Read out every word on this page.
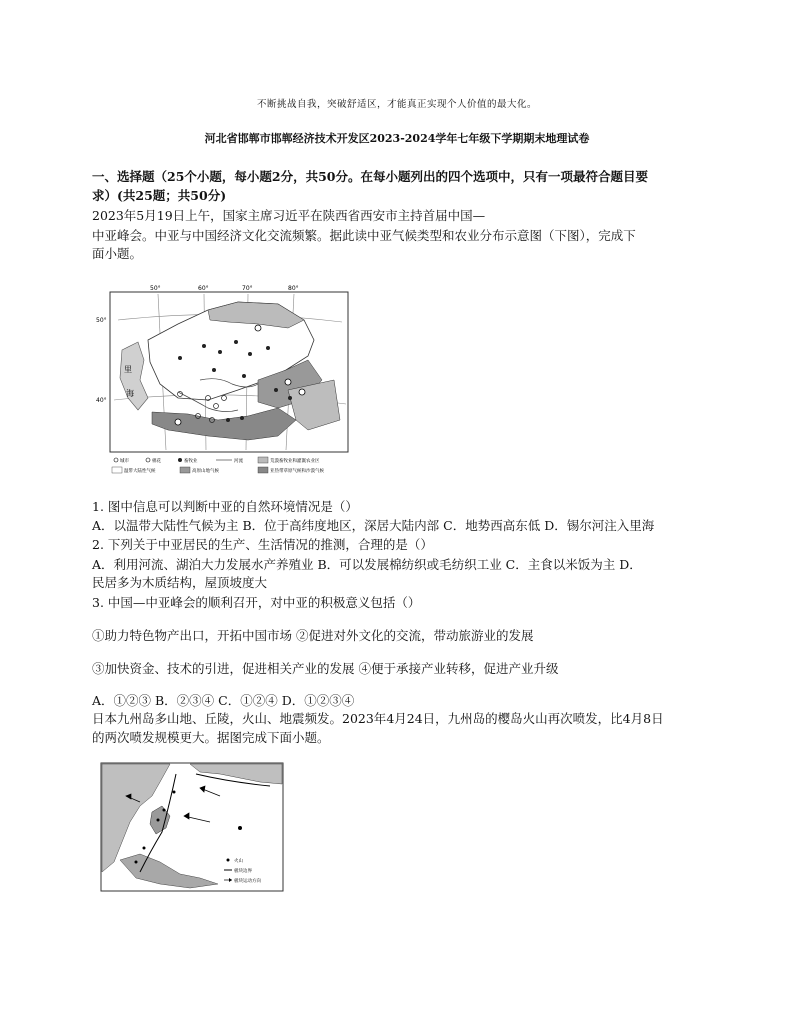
不断挑战自我，突破舒适区，才能真正实现个人价值的最大化。
河北省邯郸市邯郸经济技术开发区2023-2024学年七年级下学期期末地理试卷
一、选择题（25个小题，每小题2分，共50分。在每小题列出的四个选项中，只有一项最符合题目要
求）(共25题；共50分)
2023年5月19日上午，国家主席习近平在陕西省西安市主持首届中国—
中亚峰会。中亚与中国经济文化交流频繁。据此读中亚气候类型和农业分布示意图（下图），完成下
面小题。
50°	60°	70°	80°
50°
40°
里
海
城市	棉花	畜牧业	河流	荒漠畜牧业和灌溉农业区
温带大陆性气候	高原山地气候	亚热带草原气候和沙漠气候
1. 图中信息可以判断中亚的自然环境情况是（）
A．以温带大陆性气候为主 B．位于高纬度地区，深居大陆内部 C．地势西高东低 D．锡尔河注入里海
2. 下列关于中亚居民的生产、生活情况的推测，合理的是（）
A．利用河流、湖泊大力发展水产养殖业 B．可以发展棉纺织或毛纺织工业 C．主食以米饭为主 D．
民居多为木质结构，屋顶坡度大
3. 中国—中亚峰会的顺利召开，对中亚的积极意义包括（）
①助力特色物产出口，开拓中国市场 ②促进对外文化的交流，带动旅游业的发展
③加快资金、技术的引进，促进相关产业的发展 ④便于承接产业转移，促进产业升级
A．①②③ B．②③④ C．①②④ D．①②③④
日本九州岛多山地、丘陵，火山、地震频发。2023年4月24日，九州岛的樱岛火山再次喷发，比4月8日
的两次喷发规模更大。据图完成下面小题。
火山
板块边界
板块运动方向
